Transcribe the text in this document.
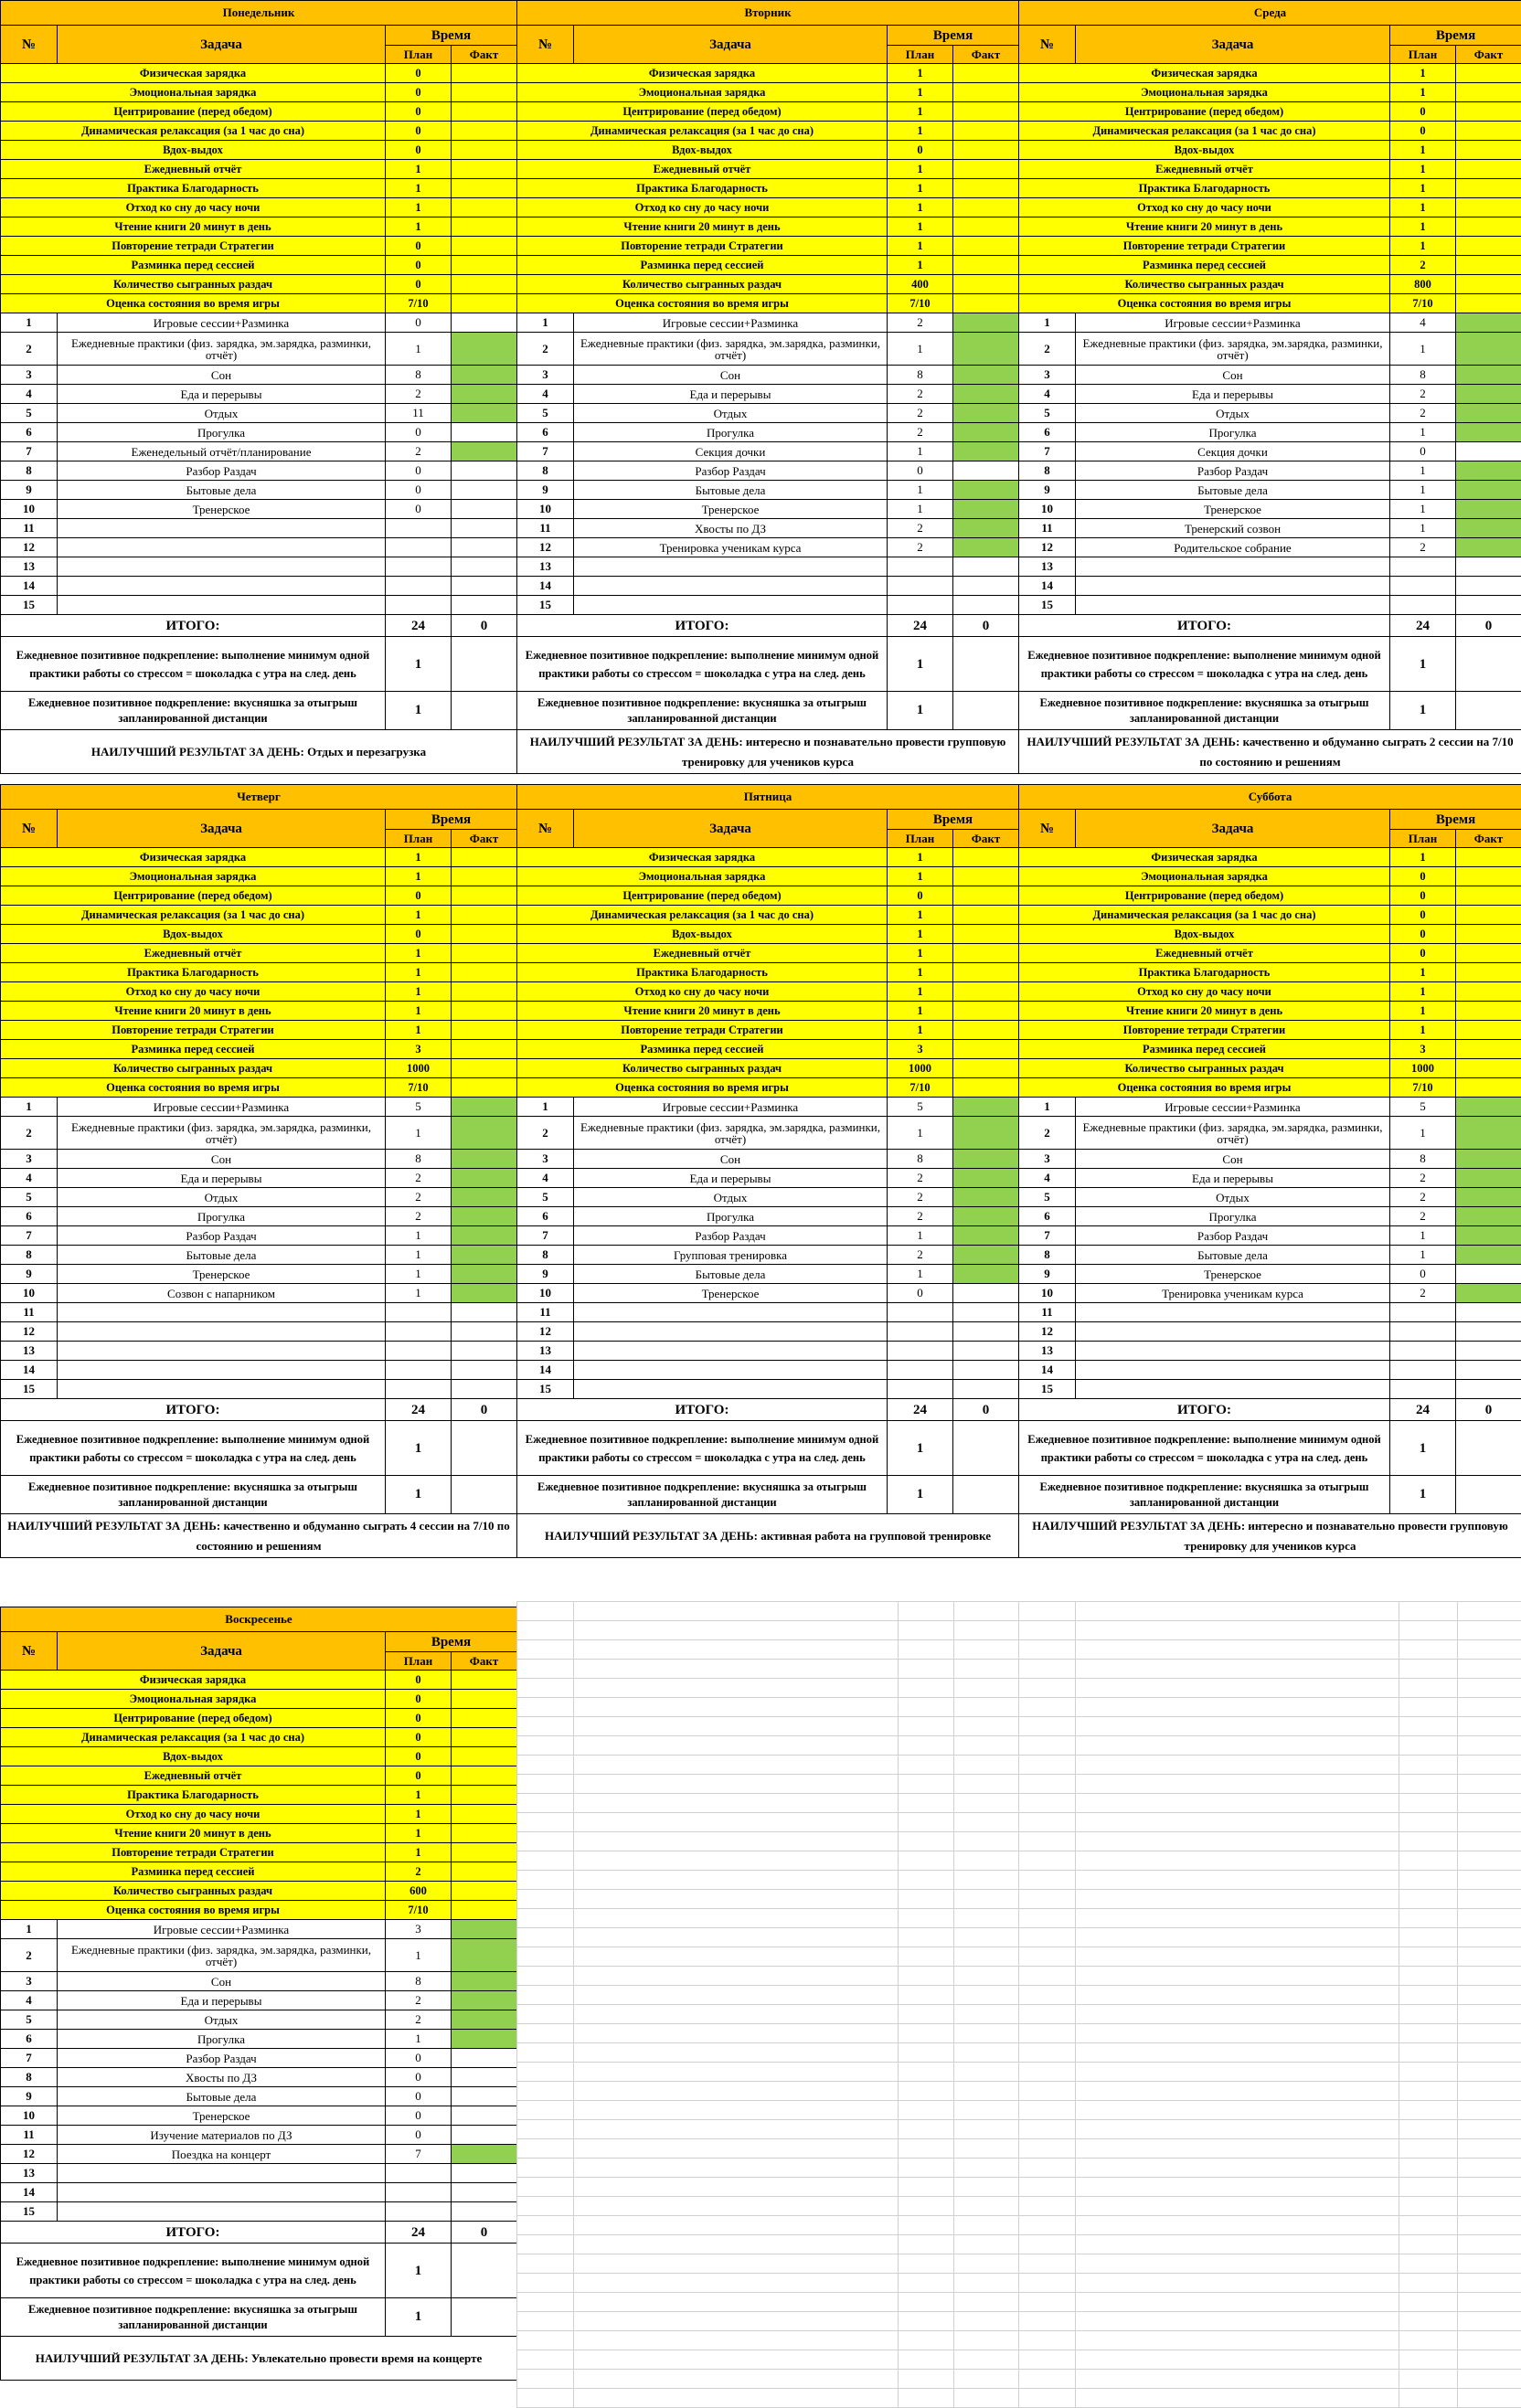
Понедельник			
№	Задача	Время	
		План	Факт
Физическая зарядка		0	
Эмоциональная зарядка		0	
Центрирование (перед обедом)		0	
Динамическая релаксация (за 1 час до сна)		0	
Вдох-выдох		0	
Ежедневный отчёт		1	
Практика Благодарность		1	
Отход ко сну до часу ночи		1	
Чтение книги 20 минут в день		1	
Повторение тетради Стратегии		0	
Разминка перед сессией		0	
Количество сыгранных раздач		0	
Оценка состояния во время игры		7/10	
1	Игровые сессии+Разминка	0	
2	Ежедневные практики (физ. зарядка, эм.зарядка, разминки, отчёт)	1	
3	Сон	8	
4	Еда и перерывы	2	
5	Отдых	11	
6	Прогулка	0	
7	Еженедельный отчёт/планирование	2	
8	Разбор Раздач	0	
9	Бытовые дела	0	
10	Тренерское	0	
11			
12			
13			
14			
15			
ИТОГО:		24	0
Ежедневное позитивное подкрепление: выполнение минимум одной практики работы со стрессом = шоколадка с утра на след. день		1	
Ежедневное позитивное подкрепление: вкусняшка за отыгрыш запланированной дистанции		1	
НАИЛУЧШИЙ РЕЗУЛЬТАТ ЗА ДЕНЬ: Отдых и перезагрузка			
Вторник			
№	Задача	Время	
		План	Факт
Физическая зарядка		1	
Эмоциональная зарядка		1	
Центрирование (перед обедом)		1	
Динамическая релаксация (за 1 час до сна)		1	
Вдох-выдох		0	
Ежедневный отчёт		1	
Практика Благодарность		1	
Отход ко сну до часу ночи		1	
Чтение книги 20 минут в день		1	
Повторение тетради Стратегии		1	
Разминка перед сессией		1	
Количество сыгранных раздач		400	
Оценка состояния во время игры		7/10	
1	Игровые сессии+Разминка	2	
2	Ежедневные практики (физ. зарядка, эм.зарядка, разминки, отчёт)	1	
3	Сон	8	
4	Еда и перерывы	2	
5	Отдых	2	
6	Прогулка	2	
7	Секция дочки	1	
8	Разбор Раздач	0	
9	Бытовые дела	1	
10	Тренерское	1	
11	Хвосты по ДЗ	2	
12	Тренировка ученикам курса	2	
13			
14			
15			
ИТОГО:		24	0
Ежедневное позитивное подкрепление: выполнение минимум одной практики работы со стрессом = шоколадка с утра на след. день		1	
Ежедневное позитивное подкрепление: вкусняшка за отыгрыш запланированной дистанции		1	
НАИЛУЧШИЙ РЕЗУЛЬТАТ ЗА ДЕНЬ: интересно и познавательно провести групповую тренировку для учеников курса			
Среда			
№	Задача	Время	
		План	Факт
Физическая зарядка		1	
Эмоциональная зарядка		1	
Центрирование (перед обедом)		0	
Динамическая релаксация (за 1 час до сна)		0	
Вдох-выдох		1	
Ежедневный отчёт		1	
Практика Благодарность		1	
Отход ко сну до часу ночи		1	
Чтение книги 20 минут в день		1	
Повторение тетради Стратегии		1	
Разминка перед сессией		2	
Количество сыгранных раздач		800	
Оценка состояния во время игры		7/10	
1	Игровые сессии+Разминка	4	
2	Ежедневные практики (физ. зарядка, эм.зарядка, разминки, отчёт)	1	
3	Сон	8	
4	Еда и перерывы	2	
5	Отдых	2	
6	Прогулка	1	
7	Секция дочки	0	
8	Разбор Раздач	1	
9	Бытовые дела	1	
10	Тренерское	1	
11	Тренерский созвон	1	
12	Родительское собрание	2	
13			
14			
15			
ИТОГО:		24	0
Ежедневное позитивное подкрепление: выполнение минимум одной практики работы со стрессом = шоколадка с утра на след. день		1	
Ежедневное позитивное подкрепление: вкусняшка за отыгрыш запланированной дистанции		1	
НАИЛУЧШИЙ РЕЗУЛЬТАТ ЗА ДЕНЬ: качественно и обдуманно сыграть 2 сессии на 7/10 по состоянию и решениям			
Четверг			
№	Задача	Время	
		План	Факт
Физическая зарядка		1	
Эмоциональная зарядка		1	
Центрирование (перед обедом)		0	
Динамическая релаксация (за 1 час до сна)		1	
Вдох-выдох		0	
Ежедневный отчёт		1	
Практика Благодарность		1	
Отход ко сну до часу ночи		1	
Чтение книги 20 минут в день		1	
Повторение тетради Стратегии		1	
Разминка перед сессией		3	
Количество сыгранных раздач		1000	
Оценка состояния во время игры		7/10	
1	Игровые сессии+Разминка	5	
2	Ежедневные практики (физ. зарядка, эм.зарядка, разминки, отчёт)	1	
3	Сон	8	
4	Еда и перерывы	2	
5	Отдых	2	
6	Прогулка	2	
7	Разбор Раздач	1	
8	Бытовые дела	1	
9	Тренерское	1	
10	Созвон с напарником	1	
11			
12			
13			
14			
15			
ИТОГО:		24	0
Ежедневное позитивное подкрепление: выполнение минимум одной практики работы со стрессом = шоколадка с утра на след. день		1	
Ежедневное позитивное подкрепление: вкусняшка за отыгрыш запланированной дистанции		1	
НАИЛУЧШИЙ РЕЗУЛЬТАТ ЗА ДЕНЬ: качественно и обдуманно сыграть 4 сессии на 7/10 по состоянию и решениям			
Пятница			
№	Задача	Время	
		План	Факт
Физическая зарядка		1	
Эмоциональная зарядка		1	
Центрирование (перед обедом)		0	
Динамическая релаксация (за 1 час до сна)		1	
Вдох-выдох		1	
Ежедневный отчёт		1	
Практика Благодарность		1	
Отход ко сну до часу ночи		1	
Чтение книги 20 минут в день		1	
Повторение тетради Стратегии		1	
Разминка перед сессией		3	
Количество сыгранных раздач		1000	
Оценка состояния во время игры		7/10	
1	Игровые сессии+Разминка	5	
2	Ежедневные практики (физ. зарядка, эм.зарядка, разминки, отчёт)	1	
3	Сон	8	
4	Еда и перерывы	2	
5	Отдых	2	
6	Прогулка	2	
7	Разбор Раздач	1	
8	Групповая тренировка	2	
9	Бытовые дела	1	
10	Тренерское	0	
11			
12			
13			
14			
15			
ИТОГО:		24	0
Ежедневное позитивное подкрепление: выполнение минимум одной практики работы со стрессом = шоколадка с утра на след. день		1	
Ежедневное позитивное подкрепление: вкусняшка за отыгрыш запланированной дистанции		1	
НАИЛУЧШИЙ РЕЗУЛЬТАТ ЗА ДЕНЬ: активная работа на групповой тренировке			
Суббота			
№	Задача	Время	
		План	Факт
Физическая зарядка		1	
Эмоциональная зарядка		0	
Центрирование (перед обедом)		0	
Динамическая релаксация (за 1 час до сна)		0	
Вдох-выдох		0	
Ежедневный отчёт		0	
Практика Благодарность		1	
Отход ко сну до часу ночи		1	
Чтение книги 20 минут в день		1	
Повторение тетради Стратегии		1	
Разминка перед сессией		3	
Количество сыгранных раздач		1000	
Оценка состояния во время игры		7/10	
1	Игровые сессии+Разминка	5	
2	Ежедневные практики (физ. зарядка, эм.зарядка, разминки, отчёт)	1	
3	Сон	8	
4	Еда и перерывы	2	
5	Отдых	2	
6	Прогулка	2	
7	Разбор Раздач	1	
8	Бытовые дела	1	
9	Тренерское	0	
10	Тренировка ученикам курса	2	
11			
12			
13			
14			
15			
ИТОГО:		24	0
Ежедневное позитивное подкрепление: выполнение минимум одной практики работы со стрессом = шоколадка с утра на след. день		1	
Ежедневное позитивное подкрепление: вкусняшка за отыгрыш запланированной дистанции		1	
НАИЛУЧШИЙ РЕЗУЛЬТАТ ЗА ДЕНЬ: интересно и познавательно провести групповую тренировку для учеников курса			
Воскресенье			
№	Задача	Время	
		План	Факт
Физическая зарядка		0	
Эмоциональная зарядка		0	
Центрирование (перед обедом)		0	
Динамическая релаксация (за 1 час до сна)		0	
Вдох-выдох		0	
Ежедневный отчёт		0	
Практика Благодарность		1	
Отход ко сну до часу ночи		1	
Чтение книги 20 минут в день		1	
Повторение тетради Стратегии		1	
Разминка перед сессией		2	
Количество сыгранных раздач		600	
Оценка состояния во время игры		7/10	
1	Игровые сессии+Разминка	3	
2	Ежедневные практики (физ. зарядка, эм.зарядка, разминки, отчёт)	1	
3	Сон	8	
4	Еда и перерывы	2	
5	Отдых	2	
6	Прогулка	1	
7	Разбор Раздач	0	
8	Хвосты по ДЗ	0	
9	Бытовые дела	0	
10	Тренерское	0	
11	Изучение материалов по ДЗ	0	
12	Поездка на концерт	7	
13			
14			
15			
ИТОГО:		24	0
Ежедневное позитивное подкрепление: выполнение минимум одной практики работы со стрессом = шоколадка с утра на след. день		1	
Ежедневное позитивное подкрепление: вкусняшка за отыгрыш запланированной дистанции		1	
НАИЛУЧШИЙ РЕЗУЛЬТАТ ЗА ДЕНЬ: Увлекательно провести время на концерте			
